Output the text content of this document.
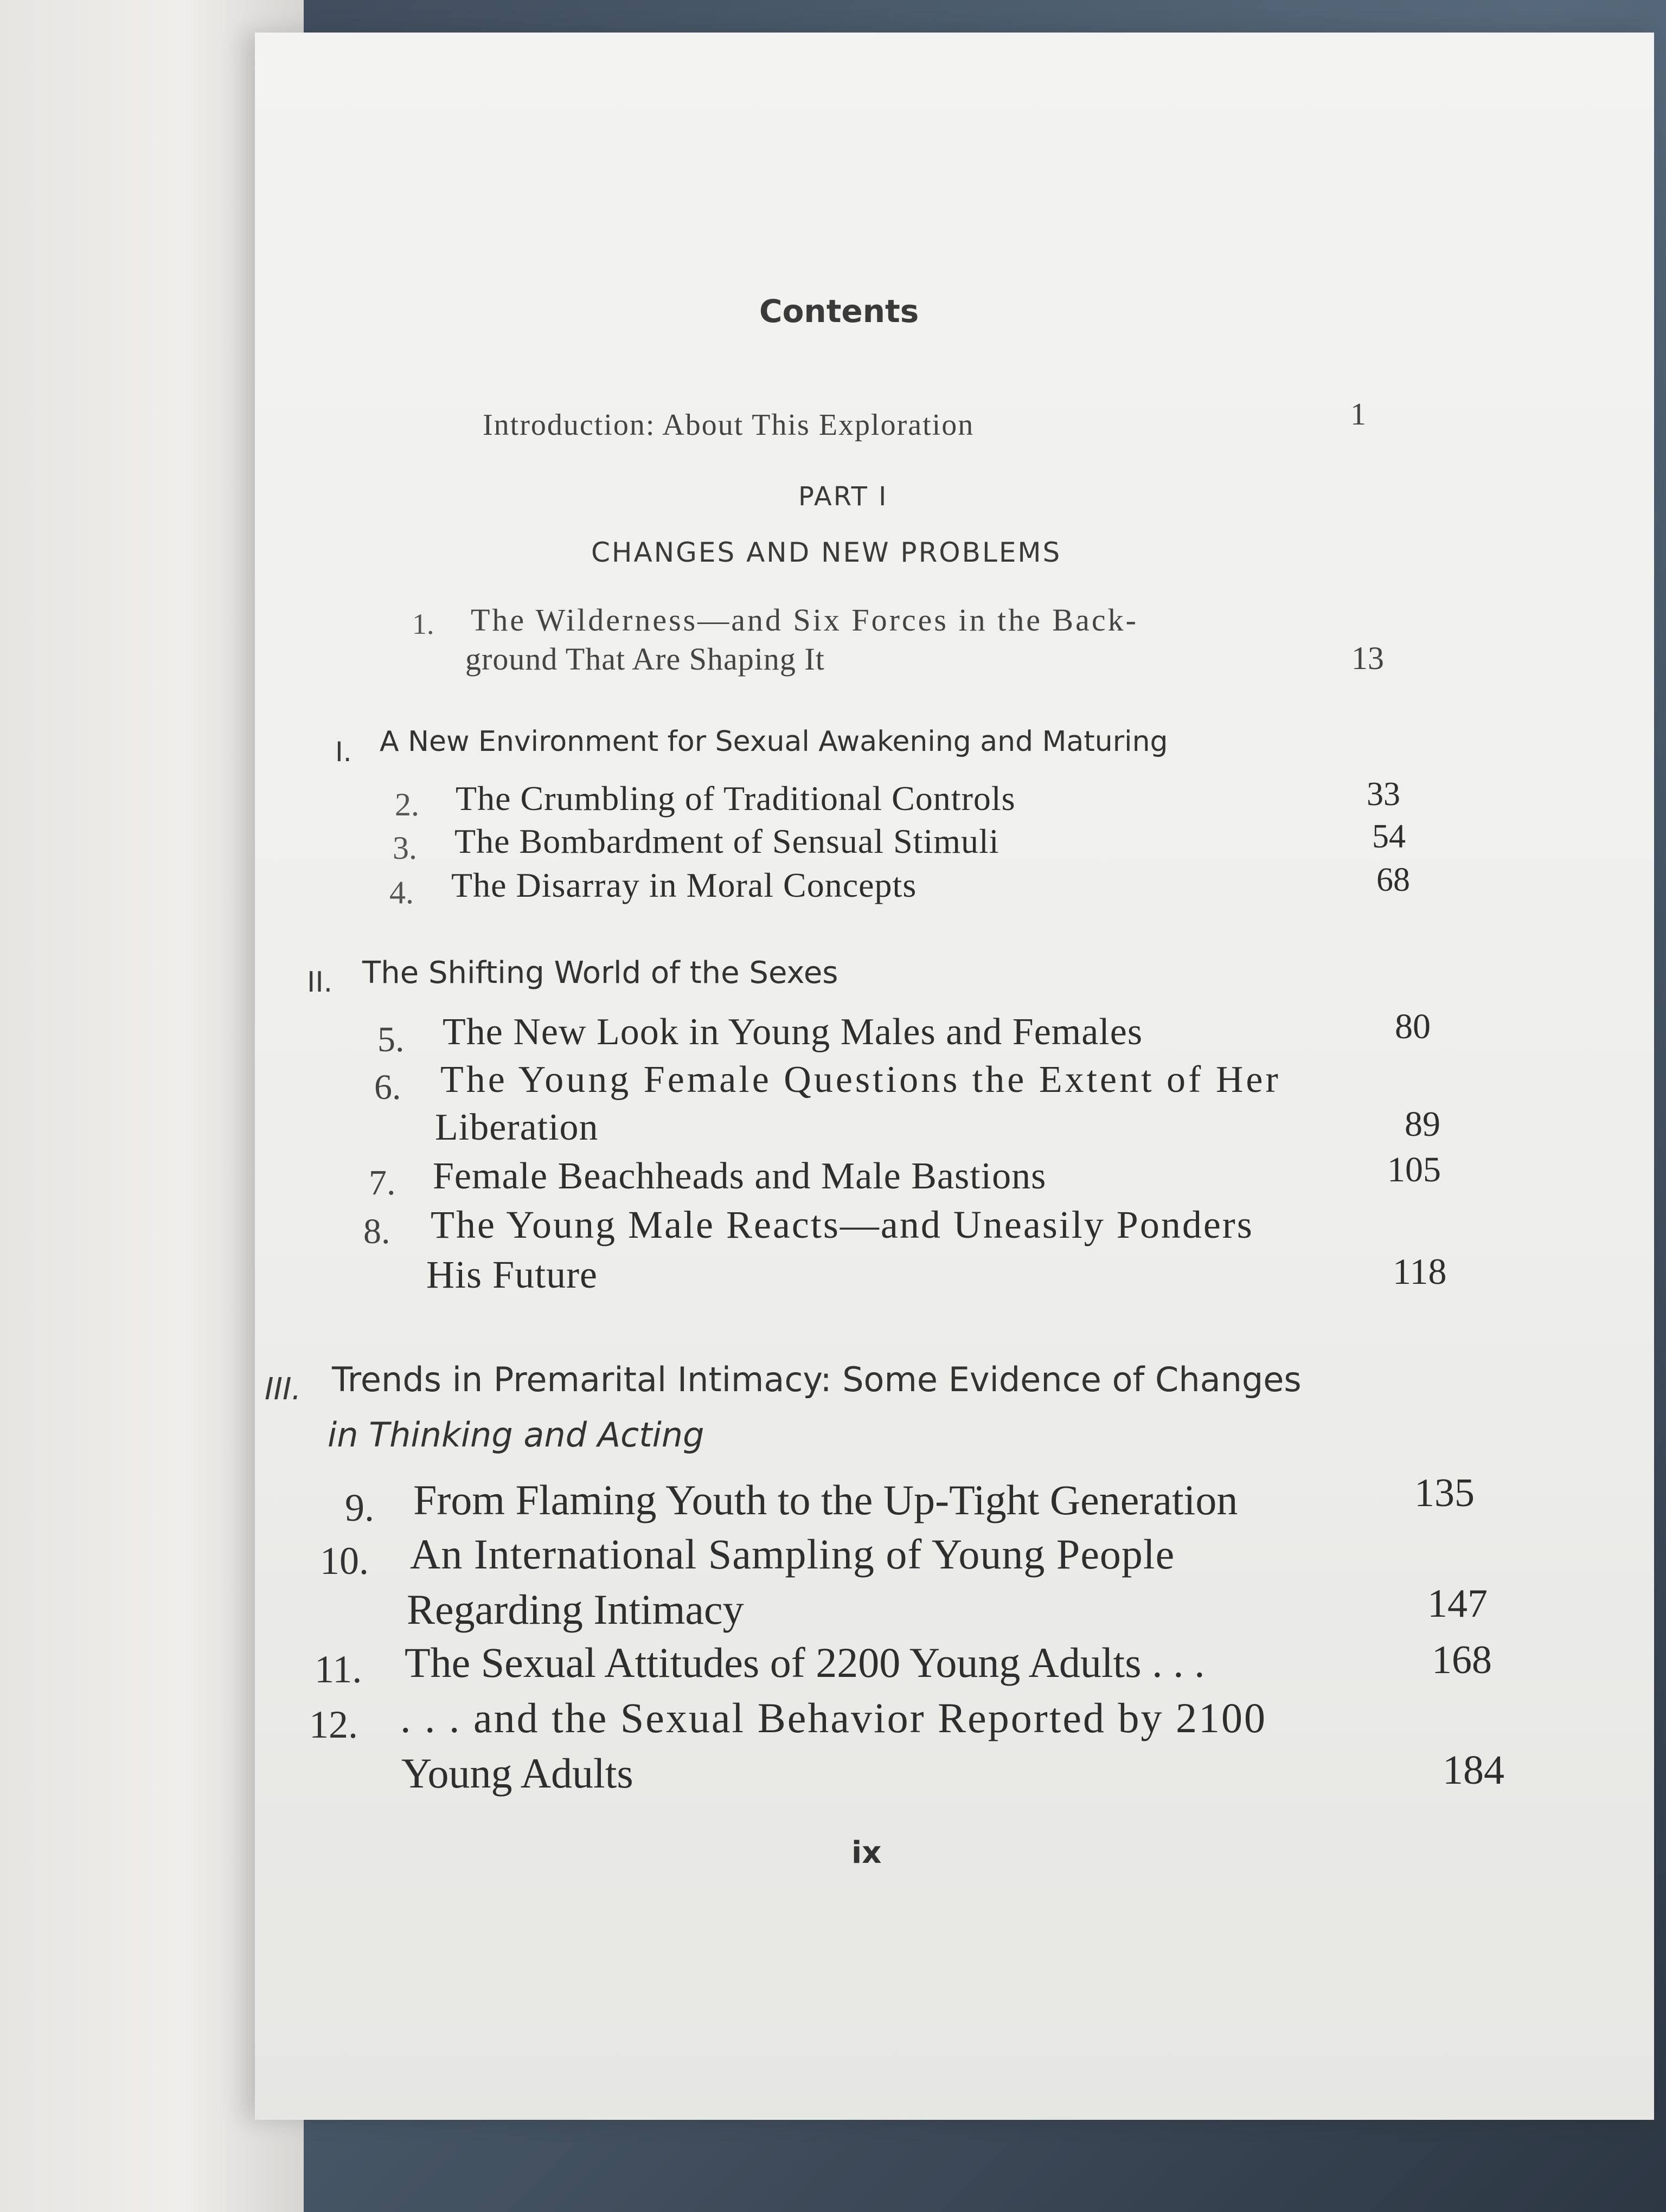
Contents
Introduction: About This Exploration	1
PART I
CHANGES AND NEW PROBLEMS
1. The Wilderness—and Six Forces in the Back-
ground That Are Shaping It	13
I. A New Environment for Sexual Awakening and Maturing
2. The Crumbling of Traditional Controls	33
3. The Bombardment of Sensual Stimuli	54
4. The Disarray in Moral Concepts	68
II. The Shifting World of the Sexes
5. The New Look in Young Males and Females	80
6. The Young Female Questions the Extent of Her
Liberation	89
7. Female Beachheads and Male Bastions	105
8. The Young Male Reacts—and Uneasily Ponders
His Future	118
III. Trends in Premarital Intimacy: Some Evidence of Changes
in Thinking and Acting
9. From Flaming Youth to the Up-Tight Generation	135
10. An International Sampling of Young People
Regarding Intimacy	147
11. The Sexual Attitudes of 2200 Young Adults . . .	168
12. . . . and the Sexual Behavior Reported by 2100
Young Adults	184
ix
